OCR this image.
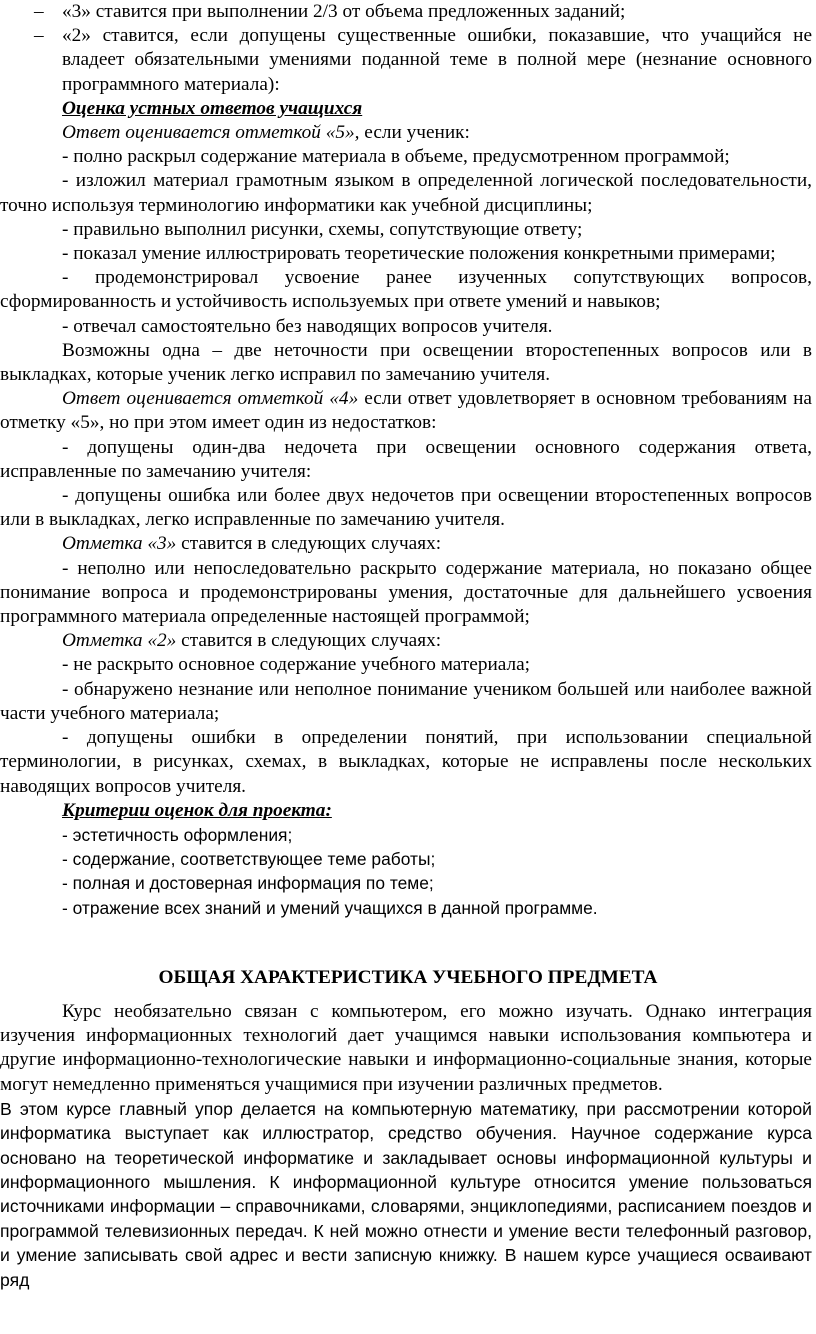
– «3» ставится при выполнении 2/3 от объема предложенных заданий;
– «2» ставится, если допущены существенные ошибки, показавшие, что учащийся не владеет обязательными умениями поданной теме в полной мере (незнание основного программного материала):
Оценка устных ответов учащихся
Ответ оценивается отметкой «5», если ученик:
- полно раскрыл содержание материала в объеме, предусмотренном программой;
- изложил материал грамотным языком в определенной логической последовательности, точно используя терминологию информатики как учебной дисциплины;
- правильно выполнил рисунки, схемы, сопутствующие ответу;
- показал умение иллюстрировать теоретические положения конкретными примерами;
- продемонстрировал усвоение ранее изученных сопутствующих вопросов, сформированность и устойчивость используемых при ответе умений и навыков;
- отвечал самостоятельно без наводящих вопросов учителя.
Возможны одна – две неточности при освещении второстепенных вопросов или в выкладках, которые ученик легко исправил по замечанию учителя.
Ответ оценивается отметкой «4» если ответ удовлетворяет в основном требованиям на отметку «5», но при этом имеет один из недостатков:
- допущены один-два недочета при освещении основного содержания ответа, исправленные по замечанию учителя:
- допущены ошибка или более двух недочетов при освещении второстепенных вопросов или в выкладках, легко исправленные по замечанию учителя.
Отметка «3» ставится в следующих случаях:
- неполно или непоследовательно раскрыто содержание материала, но показано общее понимание вопроса и продемонстрированы умения, достаточные для дальнейшего усвоения программного материала определенные настоящей программой;
Отметка «2» ставится в следующих случаях:
- не раскрыто основное содержание учебного материала;
- обнаружено незнание или неполное понимание учеником большей или наиболее важной части учебного материала;
- допущены ошибки в определении понятий, при использовании специальной терминологии, в рисунках, схемах, в выкладках, которые не исправлены после нескольких наводящих вопросов учителя.
Критерии оценок для проекта:
- эстетичность оформления;
- содержание, соответствующее теме работы;
- полная и достоверная информация по теме;
- отражение всех знаний и умений учащихся в данной программе.
ОБЩАЯ ХАРАКТЕРИСТИКА УЧЕБНОГО ПРЕДМЕТА
Курс необязательно связан с компьютером, его можно изучать. Однако интеграция изучения информационных технологий дает учащимся навыки использования компьютера и другие информационно-технологические навыки и информационно-социальные знания, которые могут немедленно применяться учащимися при изучении различных предметов.
В этом курсе главный упор делается на компьютерную математику, при рассмотрении которой информатика выступает как иллюстратор, средство обучения. Научное содержание курса основано на теоретической информатике и закладывает основы информационной культуры и информационного мышления. К информационной культуре относится умение пользоваться источниками информации – справочниками, словарями, энциклопедиями, расписанием поездов и программой телевизионных передач. К ней можно отнести и умение вести телефонный разговор, и умение записывать свой адрес и вести записную книжку. В нашем курсе учащиеся осваивают ряд
